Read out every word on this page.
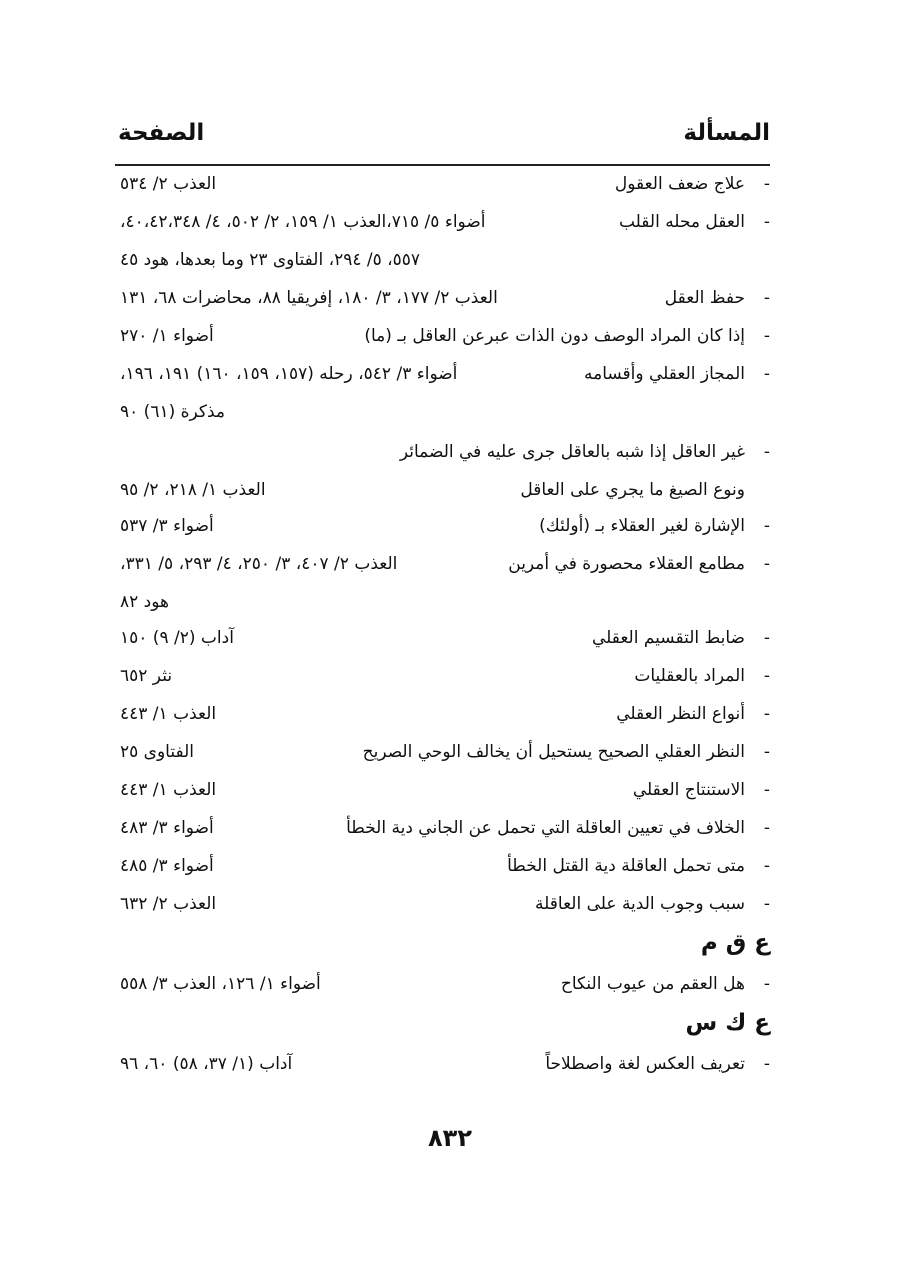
المسألة
الصفحة
-
علاج ضعف العقول
العذب ٢/ ٥٣٤
-
العقل محله القلب
أضواء ٥/ ٧١٥،العذب ١/ ١٥٩، ٢/ ٥٠٢، ٤/ ٤٠،٤٢،٣٤٨،
٥٥٧، ٥/ ٢٩٤، الفتاوى ٢٣ وما بعدها، هود ٤٥
-
حفظ العقل
العذب ٢/ ١٧٧، ٣/ ١٨٠، إفريقيا ٨٨، محاضرات ٦٨، ١٣١
-
إذا كان المراد الوصف دون الذات عبرعن العاقل بـ (ما)
أضواء ١/ ٢٧٠
-
المجاز العقلي وأقسامه
أضواء ٣/ ٥٤٢، رحله (١٥٧، ١٥٩، ١٦٠) ١٩١، ١٩٦،
مذكرة (٦١) ٩٠
-
غير العاقل إذا شبه بالعاقل جرى عليه في الضمائر
ونوع الصيغ ما يجري على العاقل
العذب ١/ ٢١٨، ٢/ ٩٥
-
الإشارة لغير العقلاء بـ (أولئك)
أضواء ٣/ ٥٣٧
-
مطامع العقلاء محصورة في أمرين
العذب ٢/ ٤٠٧، ٣/ ٢٥٠، ٤/ ٢٩٣، ٥/ ٣٣١،
هود ٨٢
-
ضابط التقسيم العقلي
آداب (٢/ ٩) ١٥٠
-
المراد بالعقليات
نثر ٦٥٢
-
أنواع النظر العقلي
العذب ١/ ٤٤٣
-
النظر العقلي الصحيح يستحيل أن يخالف الوحي الصريح
الفتاوى ٢٥
-
الاستنتاج العقلي
العذب ١/ ٤٤٣
-
الخلاف في تعيين العاقلة التي تحمل عن الجاني دية الخطأ
أضواء ٣/ ٤٨٣
-
متى تحمل العاقلة دية القتل الخطأ
أضواء ٣/ ٤٨٥
-
سبب وجوب الدية على العاقلة
العذب ٢/ ٦٣٢
ع ق م
-
هل العقم من عيوب النكاح
أضواء ١/ ١٢٦، العذب ٣/ ٥٥٨
ع ك س
-
تعريف العكس لغة واصطلاحاً
آداب (١/ ٣٧، ٥٨) ٦٠، ٩٦
٨٣٢
